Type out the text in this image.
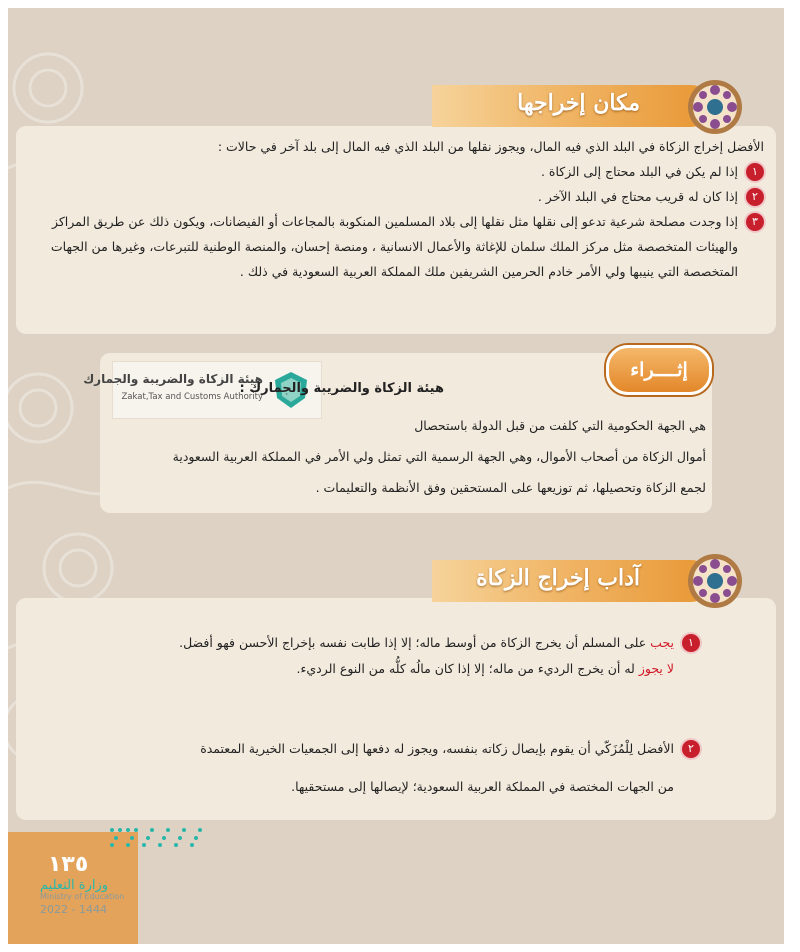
مكان إخراجها
الأفضل إخراج الزكاة في البلد الذي فيه المال، ويجوز نقلها من البلد الذي فيه المال إلى بلد آخر في حالات :
١
إذا لم يكن في البلد محتاج إلى الزكاة .
٢
إذا كان له قريب محتاج في البلد الآخر .
٣
إذا وجدت مصلحة شرعية تدعو إلى نقلها مثل نقلها إلى بلاد المسلمين المنكوبة بالمجاعات أو الفيضانات، ويكون ذلك عن طريق المراكز والهيئات المتخصصة مثل مركز الملك سلمان للإغاثة والأعمال الانسانية ، ومنصة إحسان، والمنصة الوطنية للتبرعات، وغيرها من الجهات المتخصصة التي ينيبها ولي الأمر خادم الحرمين الشريفين ملك المملكة العربية السعودية في ذلك .
إثــــراء
هيئة الزكاة والضريبة والجمارك
Zakat,Tax and Customs Authority
هيئة الزكاة والضريبة والجمارك :
هي الجهة الحكومية التي كلفت من قبل الدولة باستحصال
أموال الزكاة من أصحاب الأموال، وهي الجهة الرسمية التي تمثل ولي الأمر في المملكة العربية السعودية
لجمع الزكاة وتحصيلها، ثم توزيعها على المستحقين وفق الأنظمة والتعليمات .
آداب إخراج الزكاة
١
يجب على المسلم أن يخرج الزكاة من أوسط ماله؛ إلا إذا طابت نفسه بإخراج الأحسن فهو أفضل.
لا يجوز له أن يخرج الرديء من ماله؛ إلا إذا كان مالُه كلُّه من النوع الرديء.
٢
الأفضل لِلْمُزَكّي أن يقوم بإيصال زكاته بنفسه، ويجوز له دفعها إلى الجمعيات الخيرية المعتمدة
من الجهات المختصة في المملكة العربية السعودية؛ لإيصالها إلى مستحقيها.
١٣٥
وزارة التعليم
Ministry of Education
2022 - 1444
